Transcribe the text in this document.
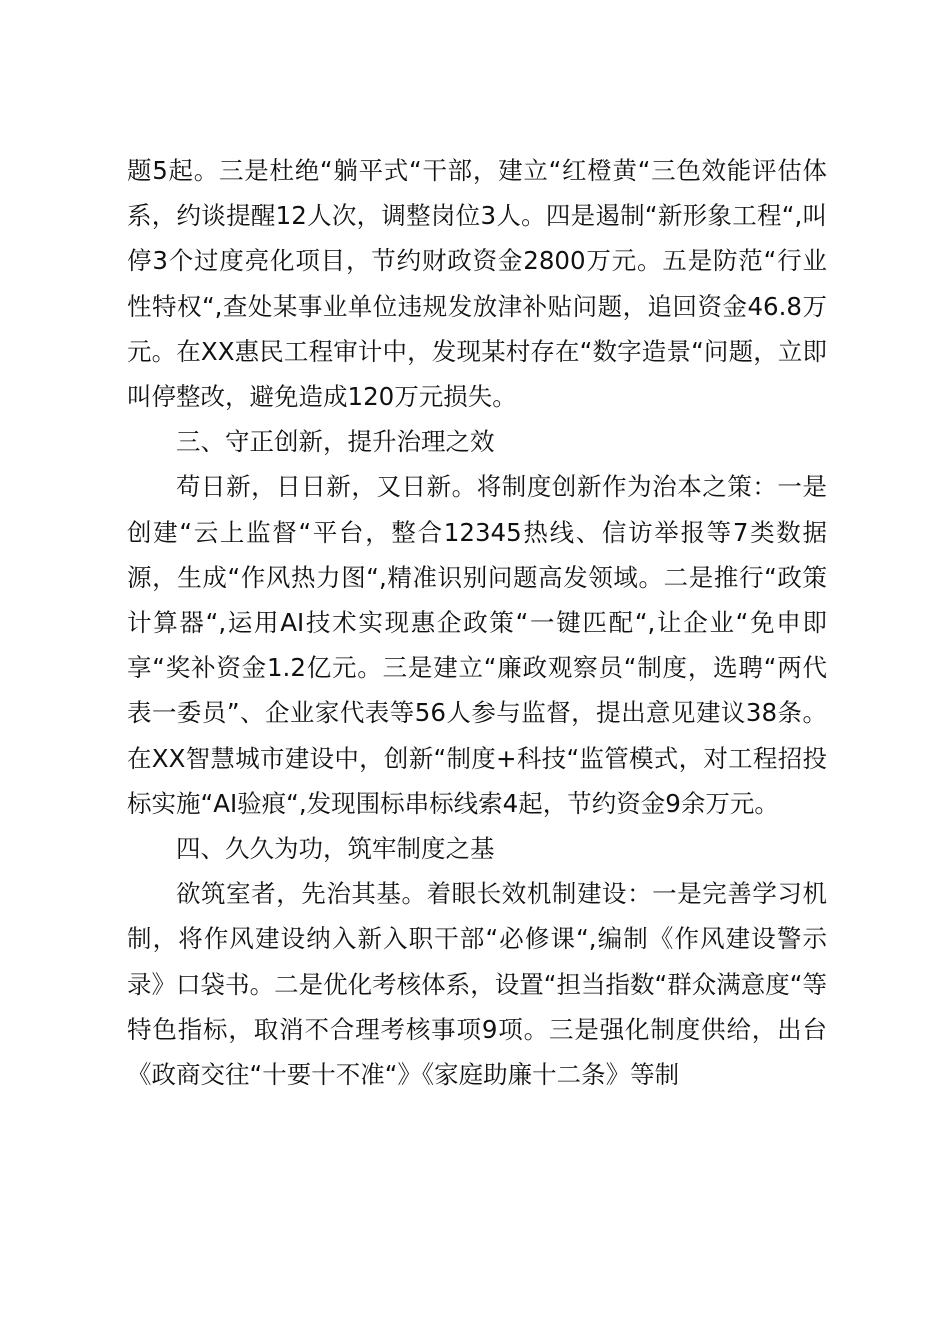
题5起。三是杜绝“躺平式“干部，建立“红橙黄“三色效能评估体系，约谈提醒12人次，调整岗位3人。四是遏制“新形象工程“,叫停3个过度亮化项目，节约财政资金2800万元。五是防范“行业性特权“,查处某事业单位违规发放津补贴问题，追回资金46.8万元。在XX惠民工程审计中，发现某村存在“数字造景“问题，立即叫停整改，避免造成120万元损失。

三、守正创新，提升治理之效

苟日新，日日新，又日新。将制度创新作为治本之策：一是创建“云上监督“平台，整合12345热线、信访举报等7类数据源，生成“作风热力图“,精准识别问题高发领域。二是推行“政策计算器“,运用AI技术实现惠企政策“一键匹配“,让企业“免申即享“奖补资金1.2亿元。三是建立“廉政观察员“制度，选聘“两代表一委员”、企业家代表等56人参与监督，提出意见建议38条。在XX智慧城市建设中，创新“制度+科技“监管模式，对工程招投标实施“AI验痕“,发现围标串标线索4起，节约资金9余万元。

四、久久为功，筑牢制度之基

欲筑室者，先治其基。着眼长效机制建设：一是完善学习机制，将作风建设纳入新入职干部“必修课“,编制《作风建设警示录》口袋书。二是优化考核体系，设置“担当指数“群众满意度“等特色指标，取消不合理考核事项9项。三是强化制度供给，出台《政商交往“十要十不准“》《家庭助廉十二条》等制
